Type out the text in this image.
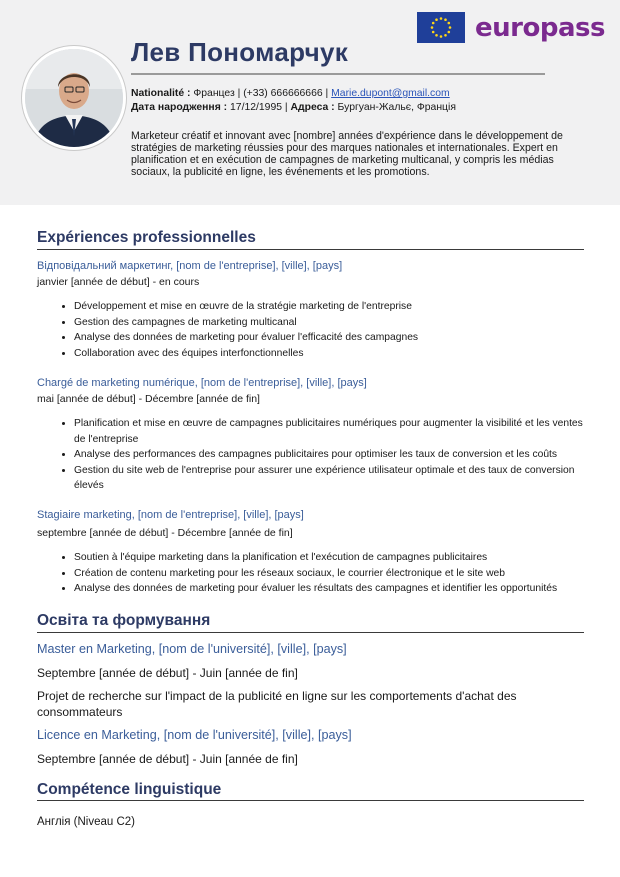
europass
Лев Пономарчук
Nationalité : Францез | (+33) 666666666 | Marie.dupont@gmail.com
Дата народження : 17/12/1995 | Адреса : Бургуан-Жальє, Франція
Marketeur créatif et innovant avec [nombre] années d'expérience dans le développement de stratégies de marketing réussies pour des marques nationales et internationales. Expert en planification et en exécution de campagnes de marketing multicanal, y compris les médias sociaux, la publicité en ligne, les événements et les promotions.
Expériences professionnelles
Відповідальний маркетинг, [nom de l'entreprise], [ville], [pays]
janvier [année de début] - en cours
• Développement et mise en œuvre de la stratégie marketing de l'entreprise
• Gestion des campagnes de marketing multicanal
• Analyse des données de marketing pour évaluer l'efficacité des campagnes
• Collaboration avec des équipes interfonctionnelles
Chargé de marketing numérique, [nom de l'entreprise], [ville], [pays]
mai [année de début] - Décembre [année de fin]
• Planification et mise en œuvre de campagnes publicitaires numériques pour augmenter la visibilité et les ventes de l'entreprise
• Analyse des performances des campagnes publicitaires pour optimiser les taux de conversion et les coûts
• Gestion du site web de l'entreprise pour assurer une expérience utilisateur optimale et des taux de conversion élevés
Stagiaire marketing, [nom de l'entreprise], [ville], [pays]
septembre [année de début] - Décembre [année de fin]
• Soutien à l'équipe marketing dans la planification et l'exécution de campagnes publicitaires
• Création de contenu marketing pour les réseaux sociaux, le courrier électronique et le site web
• Analyse des données de marketing pour évaluer les résultats des campagnes et identifier les opportunités
Освіта та формування
Master en Marketing, [nom de l'université], [ville], [pays]
Septembre [année de début] - Juin [année de fin]
Projet de recherche sur l'impact de la publicité en ligne sur les comportements d'achat des consommateurs
Licence en Marketing, [nom de l'université], [ville], [pays]
Septembre [année de début] - Juin [année de fin]
Compétence linguistique
Англія (Niveau C2)
